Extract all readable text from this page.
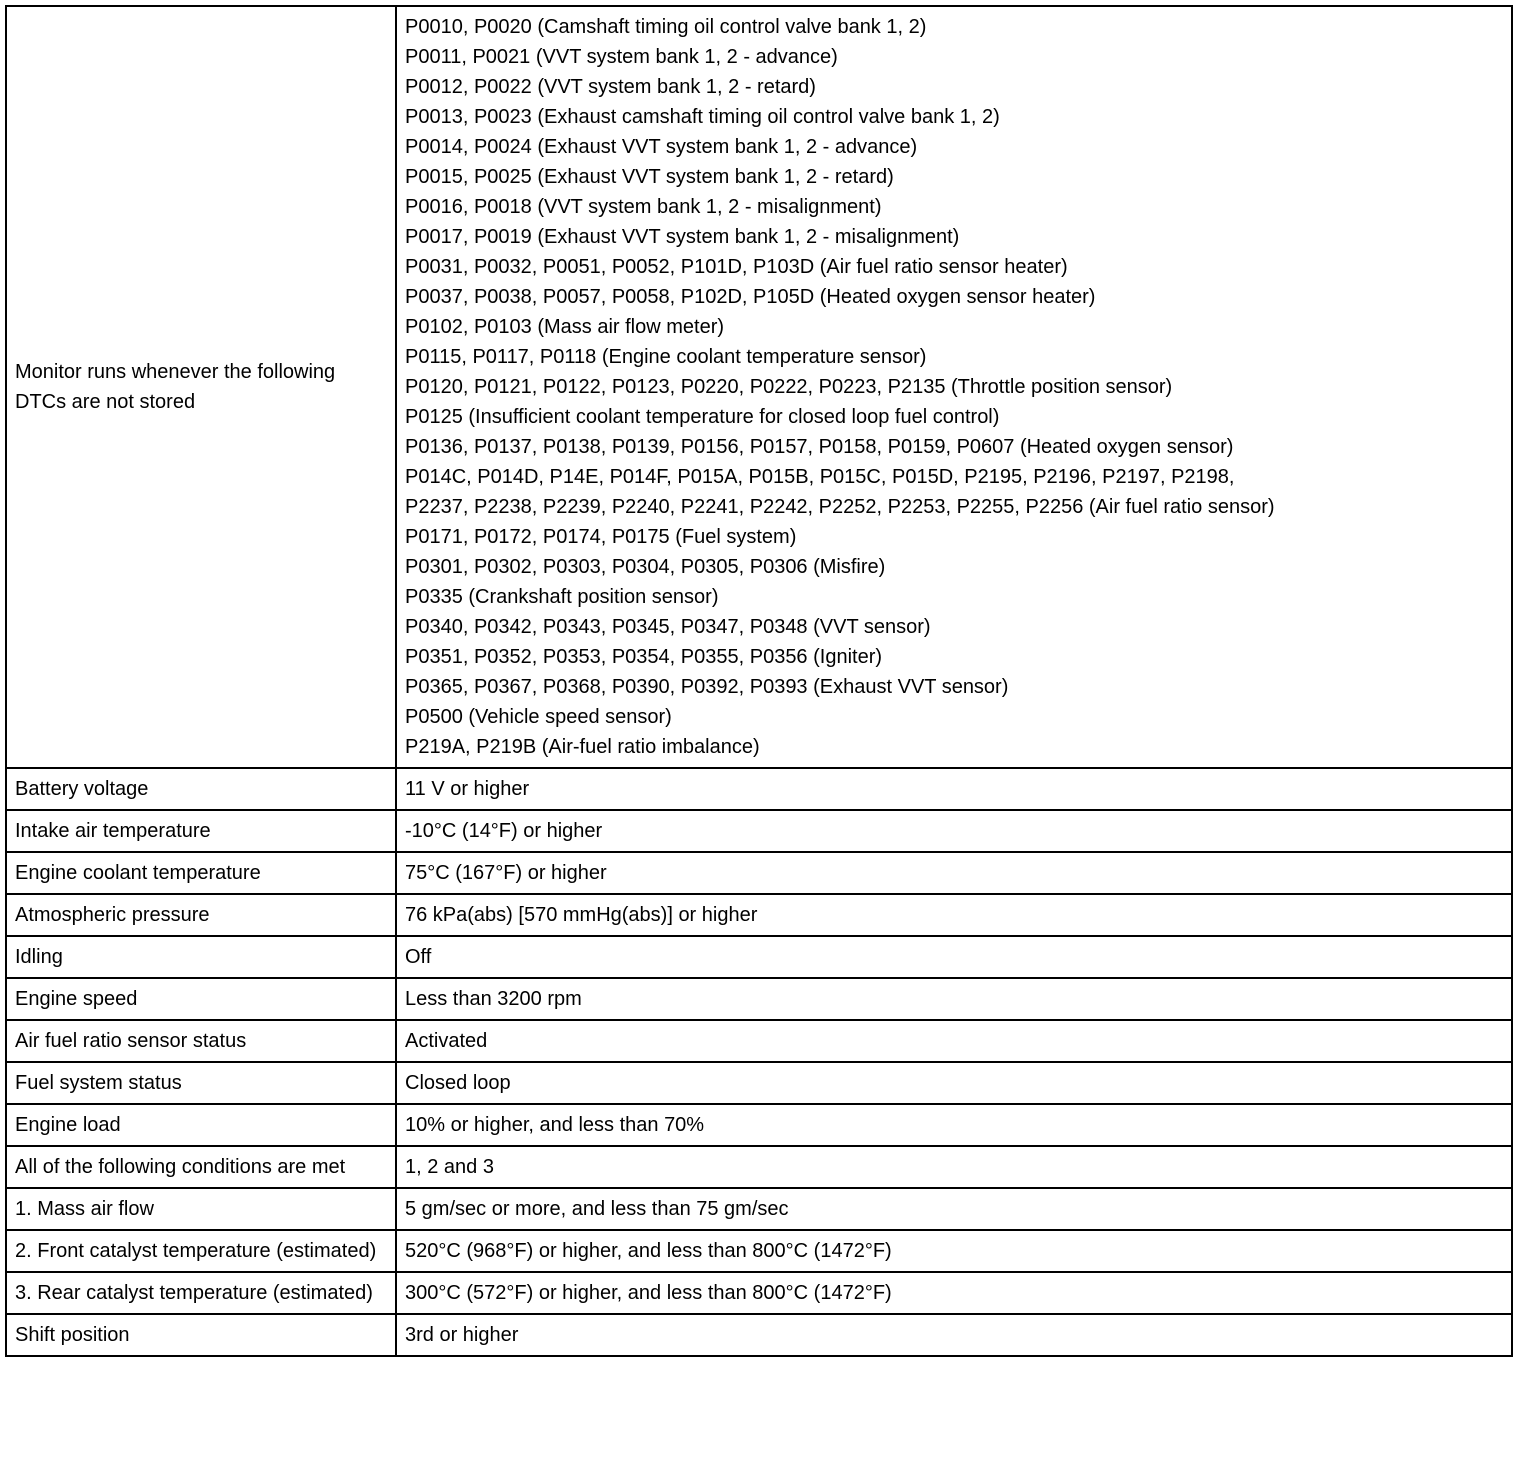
Monitor runs whenever the following DTCs are not stored	
P0010, P0020 (Camshaft timing oil control valve bank 1, 2)
P0011, P0021 (VVT system bank 1, 2 - advance)
P0012, P0022 (VVT system bank 1, 2 - retard)
P0013, P0023 (Exhaust camshaft timing oil control valve bank 1, 2)
P0014, P0024 (Exhaust VVT system bank 1, 2 - advance)
P0015, P0025 (Exhaust VVT system bank 1, 2 - retard)
P0016, P0018 (VVT system bank 1, 2 - misalignment)
P0017, P0019 (Exhaust VVT system bank 1, 2 - misalignment)
P0031, P0032, P0051, P0052, P101D, P103D (Air fuel ratio sensor heater)
P0037, P0038, P0057, P0058, P102D, P105D (Heated oxygen sensor heater)
P0102, P0103 (Mass air flow meter)
P0115, P0117, P0118 (Engine coolant temperature sensor)
P0120, P0121, P0122, P0123, P0220, P0222, P0223, P2135 (Throttle position sensor)
P0125 (Insufficient coolant temperature for closed loop fuel control)
P0136, P0137, P0138, P0139, P0156, P0157, P0158, P0159, P0607 (Heated oxygen sensor)
P014C, P014D, P14E, P014F, P015A, P015B, P015C, P015D, P2195, P2196, P2197, P2198,
P2237, P2238, P2239, P2240, P2241, P2242, P2252, P2253, P2255, P2256 (Air fuel ratio sensor)
P0171, P0172, P0174, P0175 (Fuel system)
P0301, P0302, P0303, P0304, P0305, P0306 (Misfire)
P0335 (Crankshaft position sensor)
P0340, P0342, P0343, P0345, P0347, P0348 (VVT sensor)
P0351, P0352, P0353, P0354, P0355, P0356 (Igniter)
P0365, P0367, P0368, P0390, P0392, P0393 (Exhaust VVT sensor)
P0500 (Vehicle speed sensor)
P219A, P219B (Air-fuel ratio imbalance)

Battery voltage	11 V or higher

Intake air temperature	-10°C (14°F) or higher

Engine coolant temperature	75°C (167°F) or higher

Atmospheric pressure	76 kPa(abs) [570 mmHg(abs)] or higher

Idling	Off

Engine speed	Less than 3200 rpm

Air fuel ratio sensor status	Activated

Fuel system status	Closed loop

Engine load	10% or higher, and less than 70%

All of the following conditions are met	1, 2 and 3

1. Mass air flow	5 gm/sec or more, and less than 75 gm/sec

2. Front catalyst temperature (estimated)	520°C (968°F) or higher, and less than 800°C (1472°F)

3. Rear catalyst temperature (estimated)	300°C (572°F) or higher, and less than 800°C (1472°F)

Shift position	3rd or higher
